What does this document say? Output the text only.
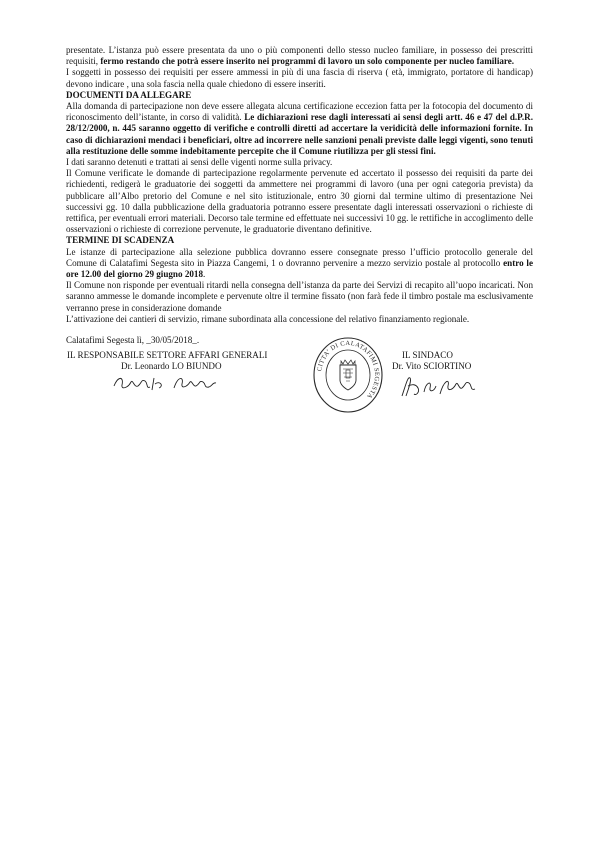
presentate. L’istanza può essere presentata da uno o più componenti dello stesso nucleo familiare, in possesso dei prescritti requisiti, fermo restando che potrà essere inserito nei programmi di lavoro un solo componente per nucleo familiare.

I soggetti in possesso dei requisiti per essere ammessi in più di una fascia di riserva ( età, immigrato, portatore di handicap) devono indicare , una sola fascia nella quale chiedono di essere inseriti.

DOCUMENTI DA ALLEGARE

Alla domanda di partecipazione non deve essere allegata alcuna certificazione eccezion fatta per la fotocopia del documento di riconoscimento dell’istante, in corso di validità. Le dichiarazioni rese dagli interessati ai sensi degli artt. 46 e 47 del d.P.R. 28/12/2000, n. 445 saranno oggetto di verifiche e controlli diretti ad accertare la veridicità delle informazioni fornite. In caso di dichiarazioni mendaci i beneficiari, oltre ad incorrere nelle sanzioni penali previste dalle leggi vigenti, sono tenuti alla restituzione delle somme indebitamente percepite che il Comune riutilizza per gli stessi fini.

I dati saranno detenuti e trattati ai sensi delle vigenti norme sulla privacy.

Il Comune verificate le domande di partecipazione regolarmente pervenute ed accertato il possesso dei requisiti da parte dei richiedenti, redigerà le graduatorie dei soggetti da ammettere nei programmi di lavoro (una per ogni categoria prevista) da pubblicare all’Albo pretorio del Comune e nel sito istituzionale, entro 30 giorni dal termine ultimo di presentazione Nei successivi gg. 10 dalla pubblicazione della graduatoria potranno essere presentate dagli interessati osservazioni o richieste di rettifica, per eventuali errori materiali. Decorso tale termine ed effettuate nei successivi 10 gg. le rettifiche in accoglimento delle osservazioni o richieste di correzione pervenute, le graduatorie diventano definitive.

TERMINE DI SCADENZA

Le istanze di partecipazione alla selezione pubblica dovranno essere consegnate presso l’ufficio protocollo generale del Comune di Calatafimi Segesta sito in Piazza Cangemi, 1 o dovranno pervenire a mezzo servizio postale al protocollo entro le ore 12.00 del giorno 29 giugno 2018.

Il Comune non risponde per eventuali ritardi nella consegna dell’istanza da parte dei Servizi di recapito all’uopo incaricati. Non saranno ammesse le domande incomplete e pervenute oltre il termine fissato (non farà fede il timbro postale ma esclusivamente verranno prese in considerazione domande

L’attivazione dei cantieri di servizio, rimane subordinata alla concessione del relativo finanziamento regionale.

Calatafimi Segesta lì, _30/05/2018_.

IL RESPONSABILE SETTORE AFFARI GENERALI
Dr. Leonardo LO BIUNDO	CITTA’ DI CALATAFIMI SEGESTA
IL SINDACO
Dr. Vito SCIORTINO
